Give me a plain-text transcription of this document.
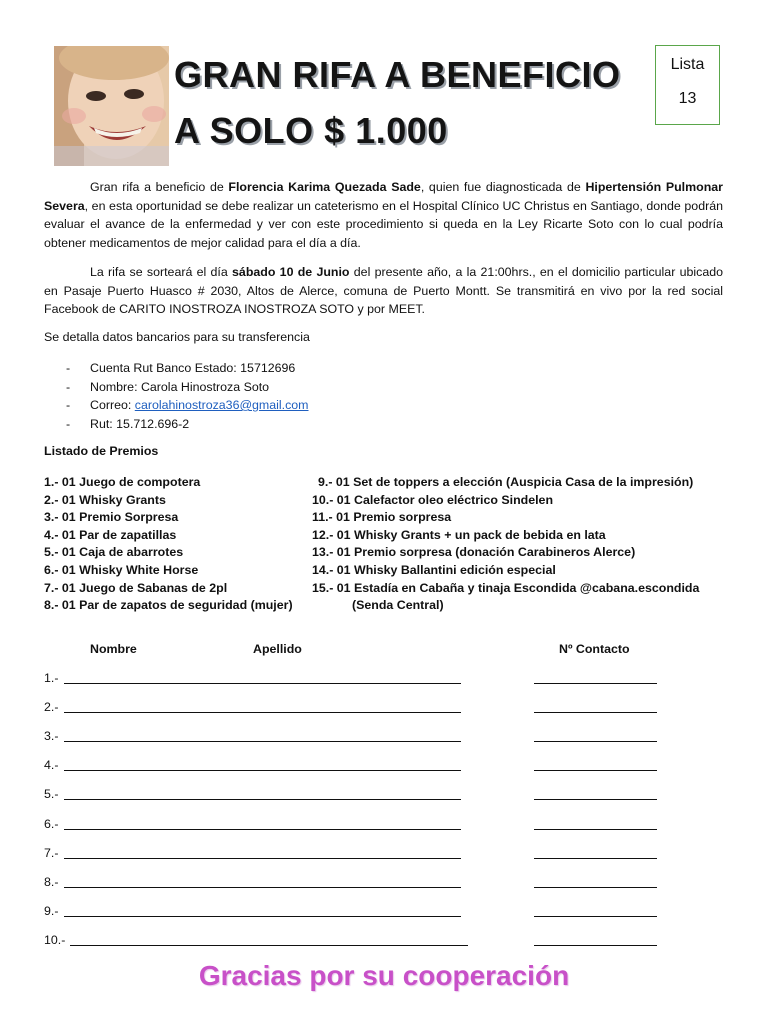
GRAN RIFA A BENEFICIO
A SOLO $ 1.000
Lista
13

Gran rifa a beneficio de Florencia Karima Quezada Sade, quien fue diagnosticada de Hipertensión Pulmonar Severa, en esta oportunidad se debe realizar un cateterismo en el Hospital Clínico UC Christus en Santiago, donde podrán evaluar el avance de la enfermedad y ver con este procedimiento si queda en la Ley Ricarte Soto con lo cual podría obtener medicamentos de mejor calidad para el día a día.

La rifa se sorteará el día sábado 10 de Junio del presente año, a la 21:00hrs., en el domicilio particular ubicado en Pasaje Puerto Huasco # 2030, Altos de Alerce, comuna de Puerto Montt. Se transmitirá en vivo por la red social Facebook de CARITO INOSTROZA INOSTROZA SOTO y por MEET.

Se detalla datos bancarios para su transferencia
- Cuenta Rut Banco Estado: 15712696
- Nombre: Carola Hinostroza Soto
- Correo: carolahinostroza36@gmail.com
- Rut: 15.712.696-2
Listado de Premios
1.- 01 Juego de compotera
2.- 01 Whisky Grants
3.- 01 Premio Sorpresa
4.- 01 Par de zapatillas
5.- 01 Caja de abarrotes
6.- 01 Whisky White Horse
7.- 01 Juego de Sabanas de 2pl
8.- 01 Par de zapatos de seguridad (mujer)
9.- 01 Set de toppers a elección (Auspicia Casa de la impresión)
10.- 01 Calefactor oleo eléctrico Sindelen
11.- 01 Premio sorpresa
12.- 01 Whisky Grants + un pack de bebida en lata
13.- 01 Premio sorpresa (donación Carabineros Alerce)
14.- 01 Whisky Ballantini edición especial
15.- 01 Estadía en Cabaña y tinaja Escondida @cabana.escondida
(Senda Central)
Nombre	Apellido	Nº Contacto
1.-
2.-
3.-
4.-
5.-
6.-
7.-
8.-
9.-
10.-
Gracias por su cooperación
